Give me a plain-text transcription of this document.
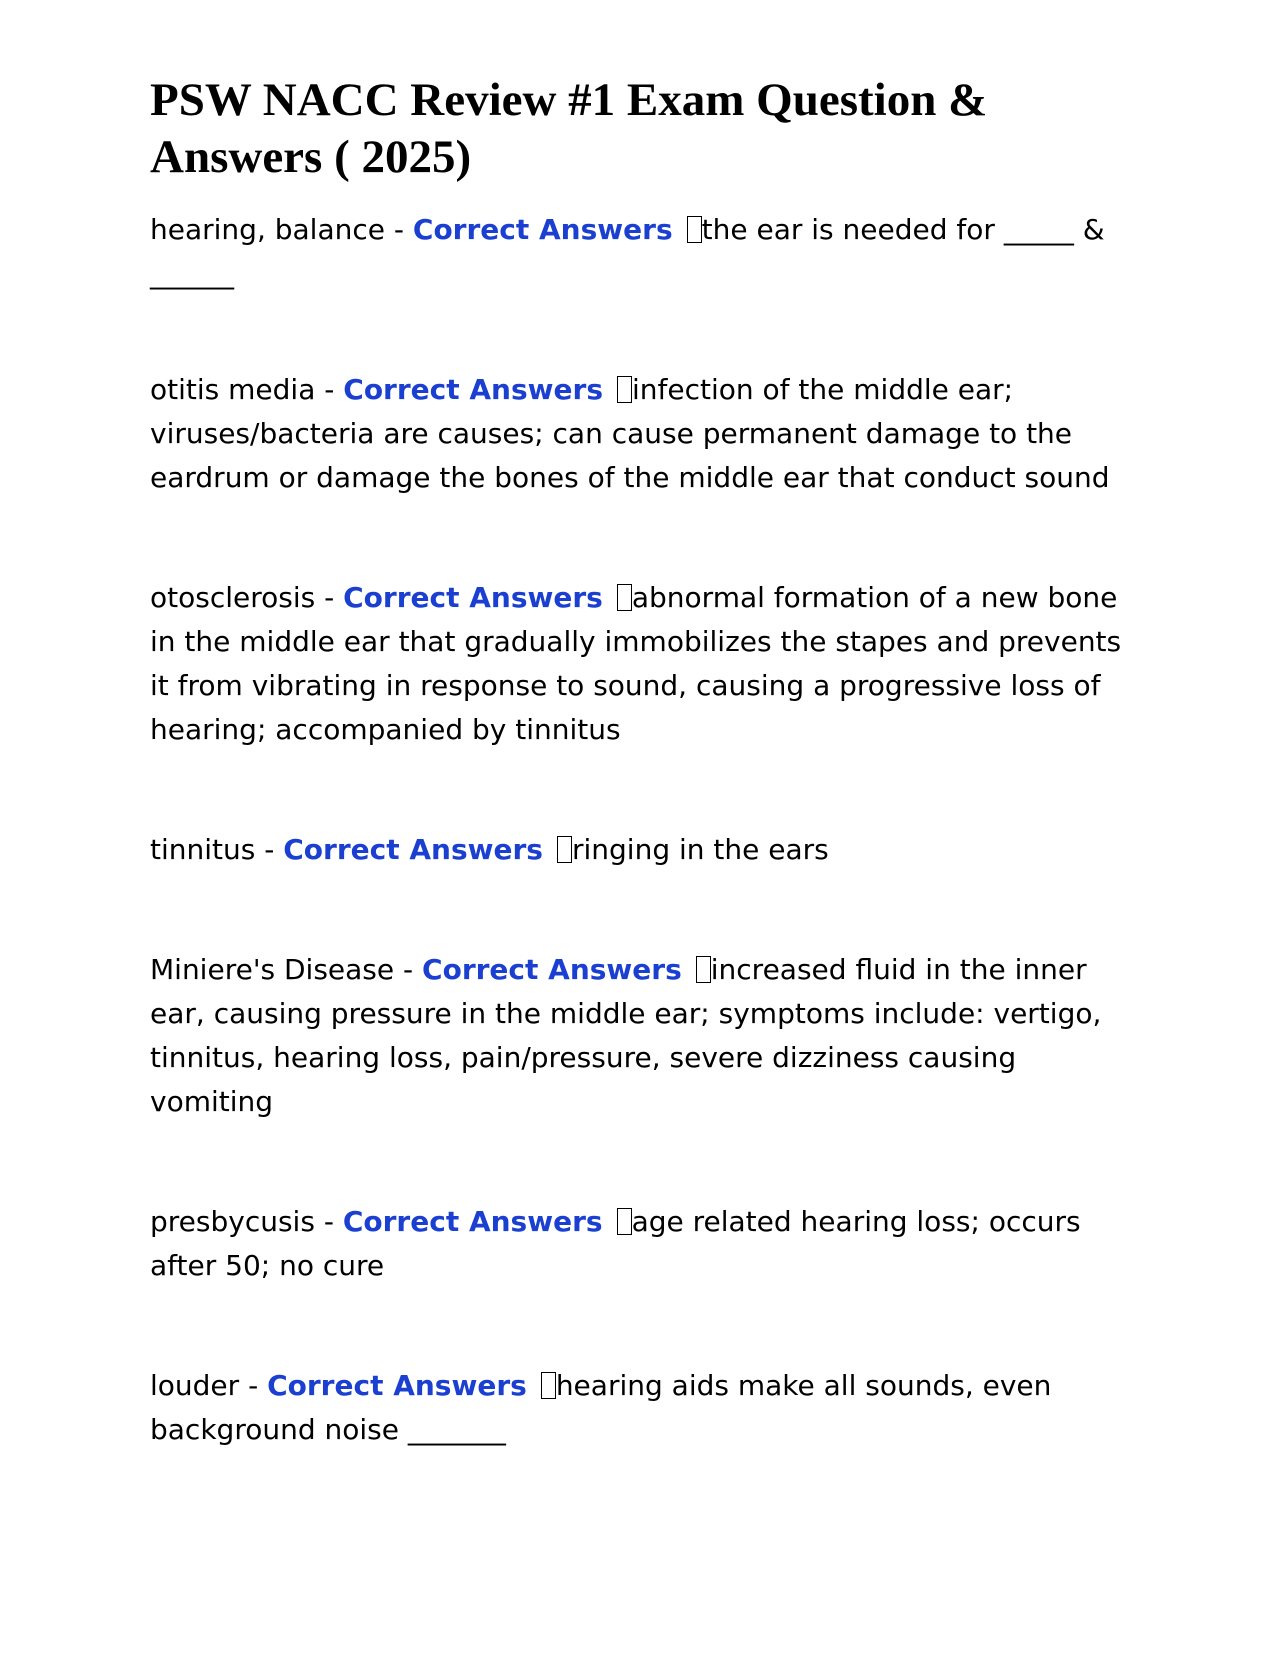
PSW NACC Review #1 Exam Question & Answers ( 2025)

hearing, balance - Correct Answers the ear is needed for _____ & ______

otitis media - Correct Answers infection of the middle ear; viruses/bacteria are causes; can cause permanent damage to the eardrum or damage the bones of the middle ear that conduct sound

otosclerosis - Correct Answers abnormal formation of a new bone in the middle ear that gradually immobilizes the stapes and prevents it from vibrating in response to sound, causing a progressive loss of hearing; accompanied by tinnitus

tinnitus - Correct Answers ringing in the ears

Miniere's Disease - Correct Answers increased fluid in the inner ear, causing pressure in the middle ear; symptoms include: vertigo, tinnitus, hearing loss, pain/pressure, severe dizziness causing vomiting

presbycusis - Correct Answers age related hearing loss; occurs after 50; no cure

louder - Correct Answers hearing aids make all sounds, even background noise _______
